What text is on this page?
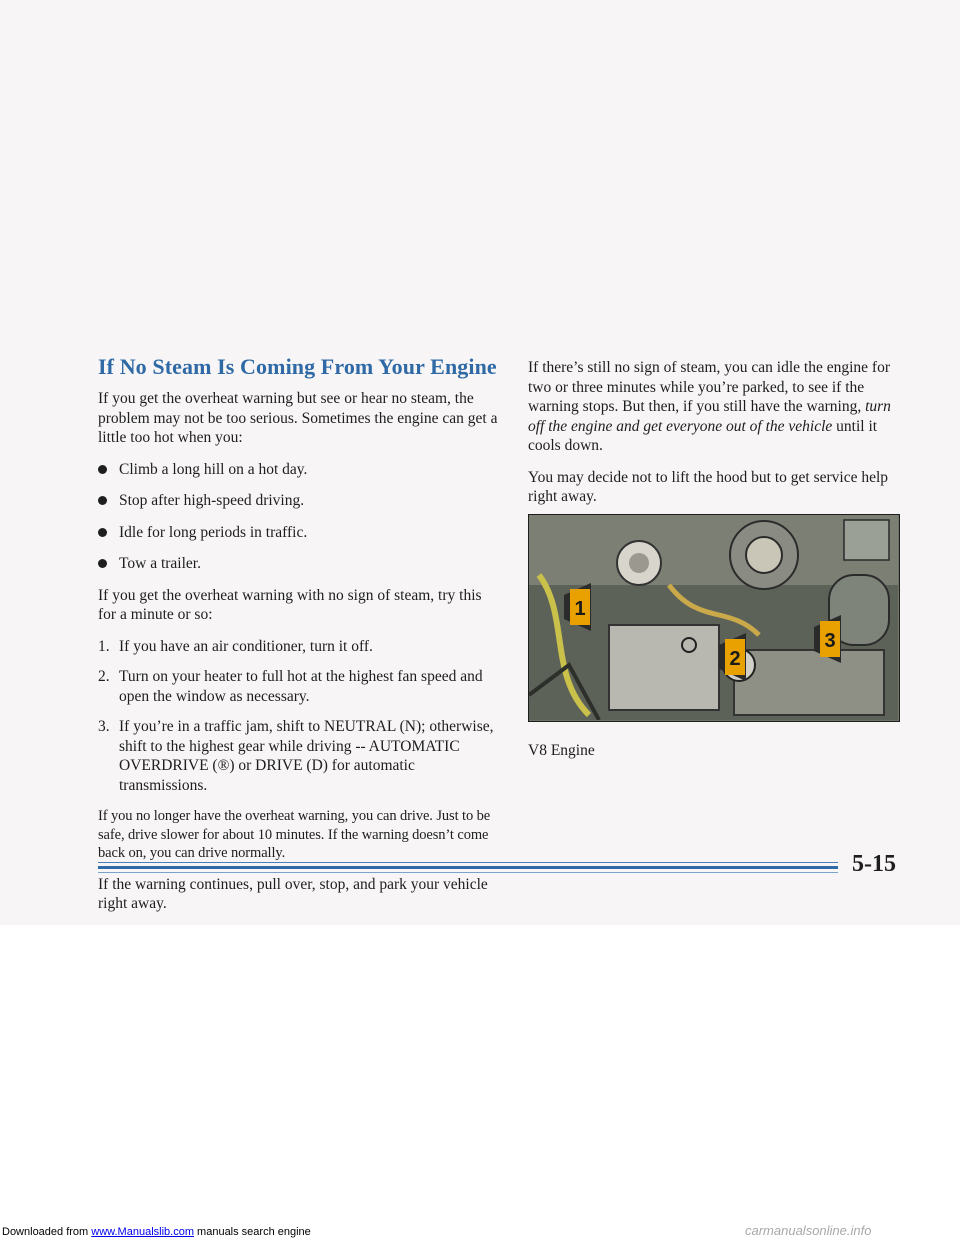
If No Steam Is Coming From Your Engine

If you get the overheat warning but see or hear no steam, the problem may not be too serious. Sometimes the engine can get a little too hot when you:

Climb a long hill on a hot day.
Stop after high-speed driving.
Idle for long periods in traffic.
Tow a trailer.

If you get the overheat warning with no sign of steam, try this for a minute or so:

1. If you have an air conditioner, turn it off.
2. Turn on your heater to full hot at the highest fan speed and open the window as necessary.
3. If you’re in a traffic jam, shift to NEUTRAL (N); otherwise, shift to the highest gear while driving -- AUTOMATIC OVERDRIVE (®) or DRIVE (D) for automatic transmissions.

If you no longer have the overheat warning, you can drive. Just to be safe, drive slower for about 10 minutes. If the warning doesn’t come back on, you can drive normally.

If the warning continues, pull over, stop, and park your vehicle right away.

If there’s still no sign of steam, you can idle the engine for two or three minutes while you’re parked, to see if the warning stops. But then, if you still have the warning, turn off the engine and get everyone out of the vehicle until it cools down.

You may decide not to lift the hood but to get service help right away.

1
2
3
V8 Engine
5-15
Downloaded from www.Manualslib.com manuals search engine	carmanualsonline.info
